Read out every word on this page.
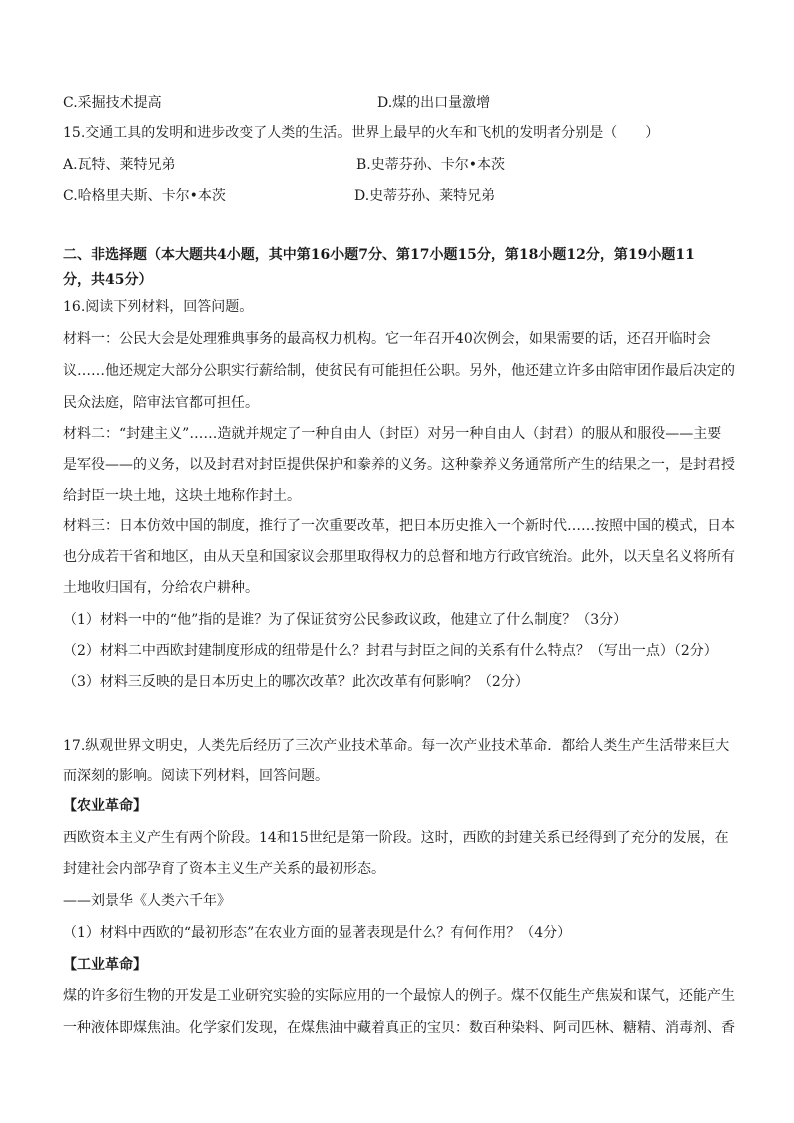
C.采掘技术提高	D.煤的出口量激增
15.交通工具的发明和进步改变了人类的生活。世界上最早的火车和飞机的发明者分别是（　　）
A.瓦特、莱特兄弟	B.史蒂芬孙、卡尔•本茨
C.哈格里夫斯、卡尔•本茨	D.史蒂芬孙、莱特兄弟
二、非选择题（本大题共4小题，其中第16小题7分、第17小题15分，第18小题12分，第19小题11
分，共45分）
16.阅读下列材料，回答问题。
材料一：公民大会是处理雅典事务的最高权力机构。它一年召开40次例会，如果需要的话，还召开临时会
议……他还规定大部分公职实行薪给制，使贫民有可能担任公职。另外，他还建立许多由陪审团作最后决定的
民众法庭，陪审法官都可担任。
材料二：“封建主义”……造就并规定了一种自由人（封臣）对另一种自由人（封君）的服从和服役——主要
是军役——的义务，以及封君对封臣提供保护和豢养的义务。这种豢养义务通常所产生的结果之一，是封君授
给封臣一块土地，这块土地称作封土。
材料三：日本仿效中国的制度，推行了一次重要改革，把日本历史推入一个新时代……按照中国的模式，日本
也分成若干省和地区，由从天皇和国家议会那里取得权力的总督和地方行政官统治。此外，以天皇名义将所有
土地收归国有，分给农户耕种。
（1）材料一中的“他”指的是谁？为了保证贫穷公民参政议政，他建立了什么制度？（3分）
（2）材料二中西欧封建制度形成的纽带是什么？封君与封臣之间的关系有什么特点？（写出一点）（2分）
（3）材料三反映的是日本历史上的哪次改革？此次改革有何影响？（2分）
17.纵观世界文明史，人类先后经历了三次产业技术革命。每一次产业技术革命．都给人类生产生活带来巨大
而深刻的影响。阅读下列材料，回答问题。
【农业革命】
西欧资本主义产生有两个阶段。14和15世纪是第一阶段。这时，西欧的封建关系已经得到了充分的发展，在
封建社会内部孕育了资本主义生产关系的最初形态。
——刘景华《人类六千年》
（1）材料中西欧的“最初形态”在农业方面的显著表现是什么？有何作用？（4分）
【工业革命】
煤的许多衍生物的开发是工业研究实验的实际应用的一个最惊人的例子。煤不仅能生产焦炭和谋气，还能产生
一种液体即煤焦油。化学家们发现，在煤焦油中藏着真正的宝贝：数百种染料、阿司匹林、糖精、消毒剂、香
